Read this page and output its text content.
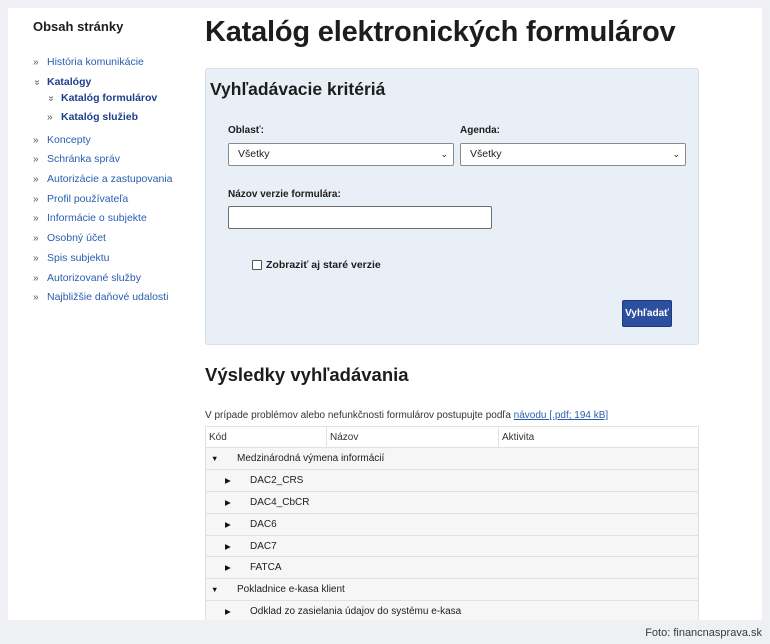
Obsah stránky
» História komunikácie
» Katalógy
» Katalóg formulárov
» Katalóg služieb
» Koncepty
» Schránka správ
» Autorizácie a zastupovania
» Profil používateľa
» Informácie o subjekte
» Osobný účet
» Spis subjektu
» Autorizované služby
» Najbližšie daňové udalosti
Katalóg elektronických formulárov
Vyhľadávacie kritériá
Oblasť:
Všetky	⌄
Agenda:
Všetky	⌄
Názov verzie formulára:
Zobraziť aj staré verzie
Vyhľadať
Výsledky vyhľadávania

V prípade problémov alebo nefunkčnosti formulárov postupujte podľa návodu [.pdf; 194 kB]

Kód	Názov	Aktivita
▼ Medzinárodná výmena informácií
▶ DAC2_CRS
▶ DAC4_CbCR
▶ DAC6
▶ DAC7
▶ FATCA
▼ Pokladnice e-kasa klient
▶ Odklad zo zasielania údajov do systému e-kasa
Foto: financnasprava.sk
